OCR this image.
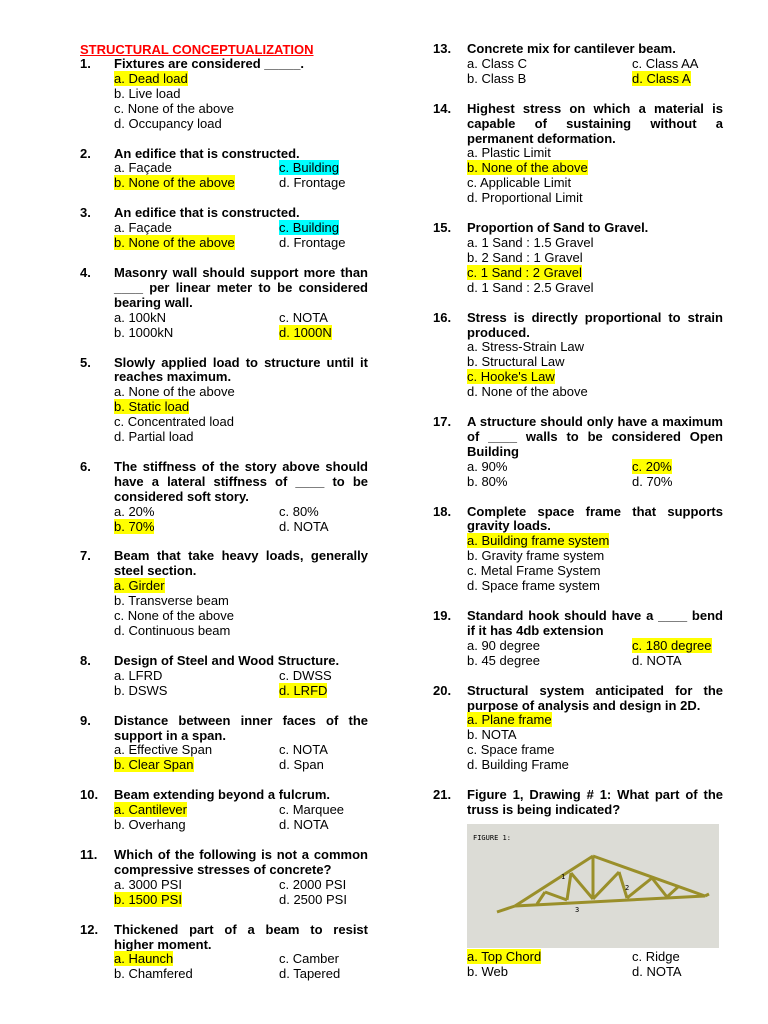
STRUCTURAL CONCEPTUALIZATION
1.	Fixtures are considered _____.
a. Dead load
b. Live load
c. None of the above
d. Occupancy load
2.	An edifice that is constructed.
a. Façade	c. Building
b. None of the above	d. Frontage
3.	An edifice that is constructed.
a. Façade	c. Building
b. None of the above	d. Frontage
4.	Masonry wall should support more than ____ per linear meter to be considered bearing wall.
a. 100kN	c. NOTA
b. 1000kN	d. 1000N
5.	Slowly applied load to structure until it reaches maximum.
a. None of the above
b. Static load
c. Concentrated load
d. Partial load
6.	The stiffness of the story above should have a lateral stiffness of ____ to be considered soft story.
a. 20%	c. 80%
b. 70%	d. NOTA
7.	Beam that take heavy loads, generally steel section.
a. Girder
b. Transverse beam
c. None of the above
d. Continuous beam
8.	Design of Steel and Wood Structure.
a. LFRD	c. DWSS
b. DSWS	d. LRFD
9.	Distance between inner faces of the support in a span.
a. Effective Span	c. NOTA
b. Clear Span	d. Span
10.	Beam extending beyond a fulcrum.
a. Cantilever	c. Marquee
b. Overhang	d. NOTA
11.	Which of the following is not a common compressive stresses of concrete?
a. 3000 PSI	c. 2000 PSI
b. 1500 PSI	d. 2500 PSI
12.	Thickened part of a beam to resist higher moment.
a. Haunch	c. Camber
b. Chamfered	d. Tapered
13.	Concrete mix for cantilever beam.
a. Class C	c. Class AA
b. Class B	d. Class A
14.	Highest stress on which a material is capable of sustaining without a permanent deformation.
a. Plastic Limit
b. None of the above
c. Applicable Limit
d. Proportional Limit
15.	Proportion of Sand to Gravel.
a. 1 Sand : 1.5 Gravel
b. 2 Sand : 1 Gravel
c. 1 Sand : 2 Gravel
d. 1 Sand : 2.5 Gravel
16.	Stress is directly proportional to strain produced.
a. Stress-Strain Law
b. Structural Law
c. Hooke's Law
d. None of the above
17.	A structure should only have a maximum of ____ walls to be considered Open Building
a. 90%	c. 20%
b. 80%	d. 70%
18.	Complete space frame that supports gravity loads.
a. Building frame system
b. Gravity frame system
c. Metal Frame System
d. Space frame system
19.	Standard hook should have a ____ bend if it has 4db extension
a. 90 degree	c. 180 degree
b. 45 degree	d. NOTA
20.	Structural system anticipated for the purpose of analysis and design in 2D.
a. Plane frame
b. NOTA
c. Space frame
d. Building Frame
21.	Figure 1, Drawing # 1: What part of the truss is being indicated?
FIGURE 1:
1
2
3
a. Top Chord	c. Ridge
b. Web	d. NOTA
